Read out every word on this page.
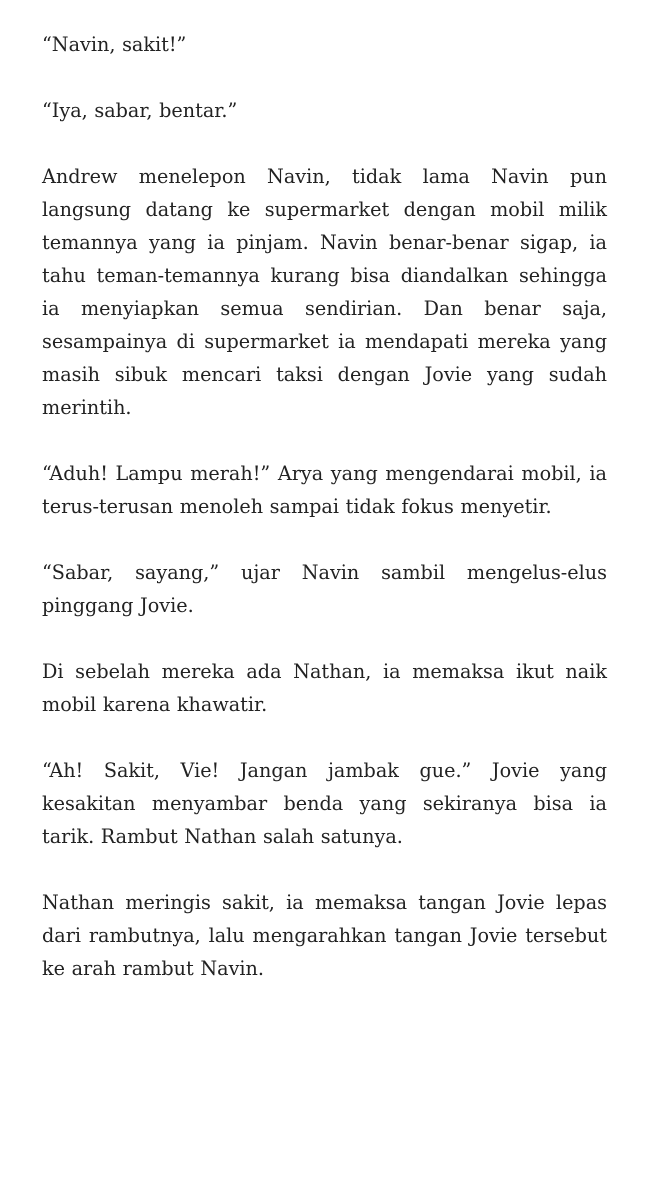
“Navin, sakit!”

“Iya, sabar, bentar.”

Andrew menelepon Navin, tidak lama Navin pun langsung datang ke supermarket dengan mobil milik temannya yang ia pinjam. Navin benar-benar sigap, ia tahu teman-temannya kurang bisa diandalkan sehingga ia menyiapkan semua sendirian. Dan benar saja, sesampainya di supermarket ia mendapati mereka yang masih sibuk mencari taksi dengan Jovie yang sudah merintih.

“Aduh! Lampu merah!” Arya yang mengendarai mobil, ia terus-terusan menoleh sampai tidak fokus menyetir.

“Sabar, sayang,” ujar Navin sambil mengelus-elus pinggang Jovie.

Di sebelah mereka ada Nathan, ia memaksa ikut naik mobil karena khawatir.

“Ah! Sakit, Vie! Jangan jambak gue.” Jovie yang kesakitan menyambar benda yang sekiranya bisa ia tarik. Rambut Nathan salah satunya.

Nathan meringis sakit, ia memaksa tangan Jovie lepas dari rambutnya, lalu mengarahkan tangan Jovie tersebut ke arah rambut Navin.
